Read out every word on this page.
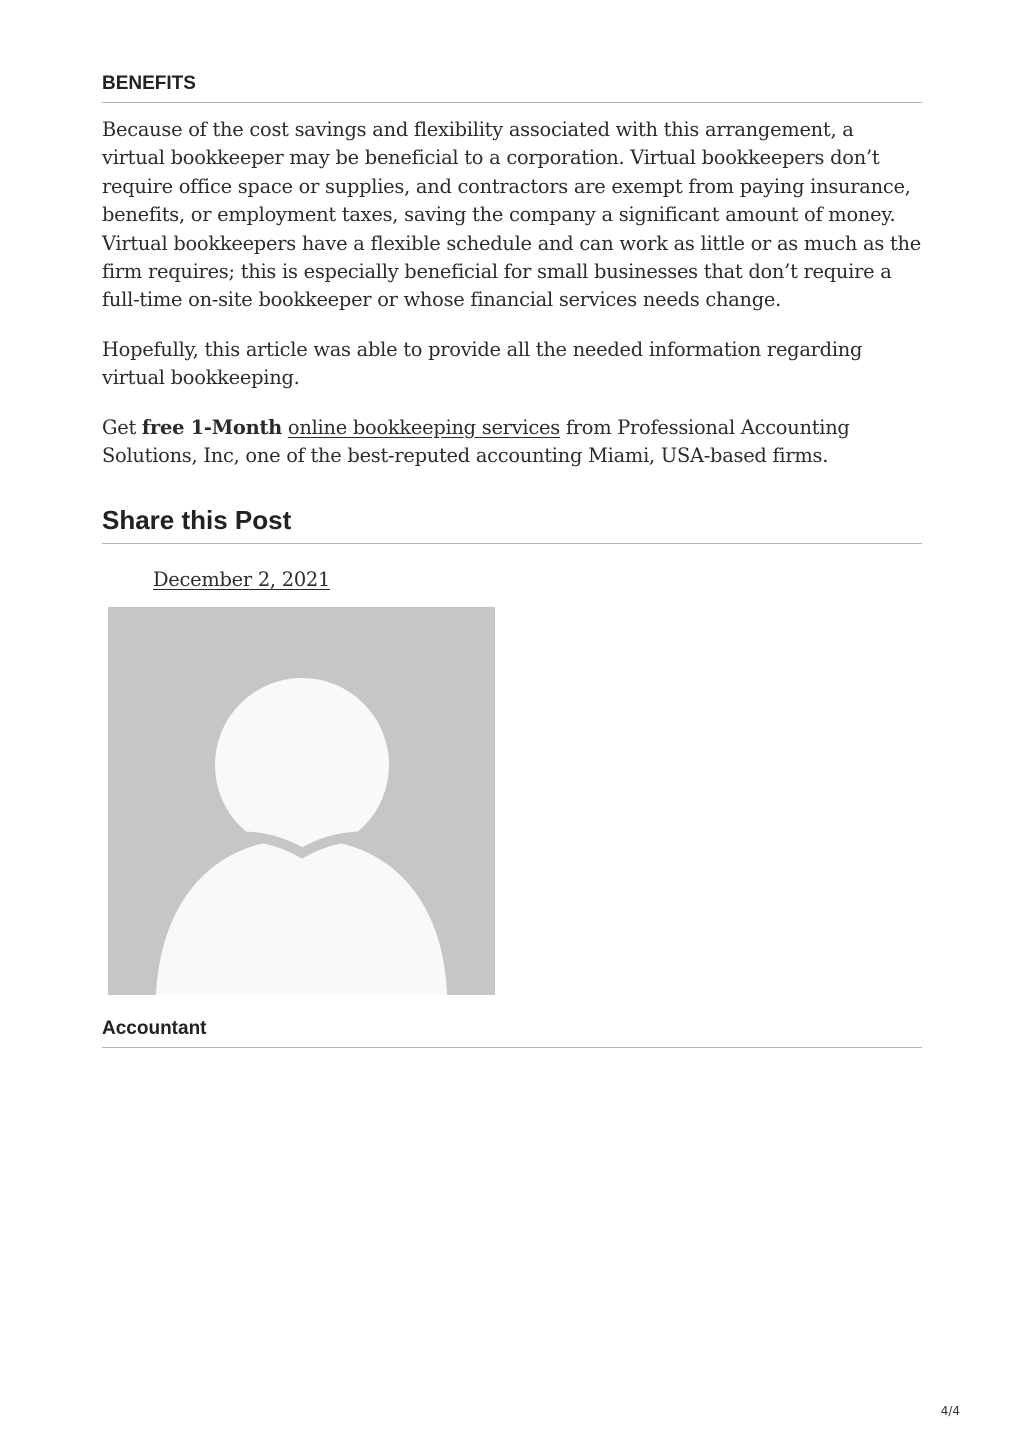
BENEFITS

Because of the cost savings and flexibility associated with this arrangement, a virtual bookkeeper may be beneficial to a corporation. Virtual bookkeepers don’t require office space or supplies, and contractors are exempt from paying insurance, benefits, or employment taxes, saving the company a significant amount of money. Virtual bookkeepers have a flexible schedule and can work as little or as much as the firm requires; this is especially beneficial for small businesses that don’t require a full-time on-site bookkeeper or whose financial services needs change.

Hopefully, this article was able to provide all the needed information regarding virtual bookkeeping.

Get free 1-Month online bookkeeping services from Professional Accounting Solutions, Inc, one of the best-reputed accounting Miami, USA-based firms.

Share this Post
December 2, 2021
Accountant
4/4
